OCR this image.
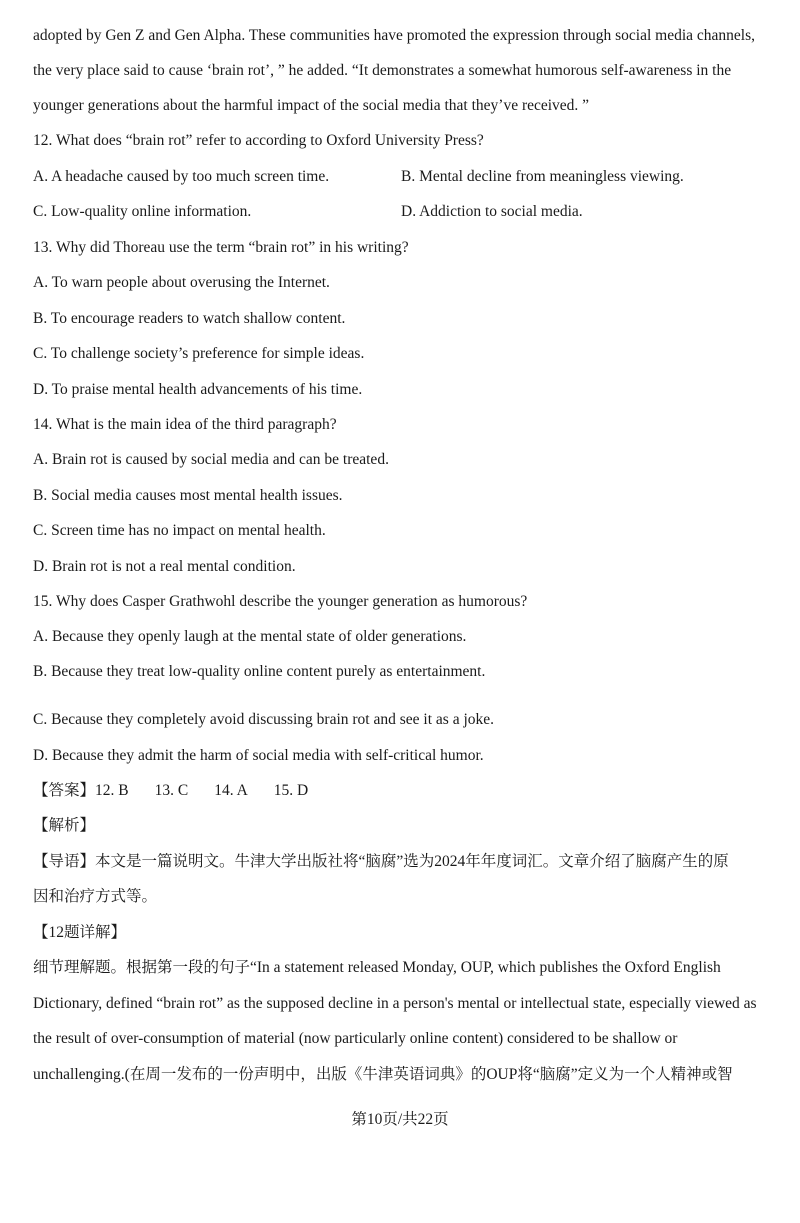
adopted by Gen Z and Gen Alpha. These communities have promoted the expression through social media channels,
the very place said to cause ‘brain rot’, ” he added. “It demonstrates a somewhat humorous self-awareness in the
younger generations about the harmful impact of the social media that they’ve received. ”
12. What does “brain rot” refer to according to Oxford University Press?
A. A headache caused by too much screen time.	B. Mental decline from meaningless viewing.
C. Low-quality online information.	D. Addiction to social media.
13. Why did Thoreau use the term “brain rot” in his writing?
A. To warn people about overusing the Internet.
B. To encourage readers to watch shallow content.
C. To challenge society’s preference for simple ideas.
D. To praise mental health advancements of his time.
14. What is the main idea of the third paragraph?
A. Brain rot is caused by social media and can be treated.
B. Social media causes most mental health issues.
C. Screen time has no impact on mental health.
D. Brain rot is not a real mental condition.
15. Why does Casper Grathwohl describe the younger generation as humorous?
A. Because they openly laugh at the mental state of older generations.
B. Because they treat low-quality online content purely as entertainment.
C. Because they completely avoid discussing brain rot and see it as a joke.
D. Because they admit the harm of social media with self-critical humor.
【答案】12. B 13. C 14. A 15. D
【解析】
【导语】本文是一篇说明文。牛津大学出版社将“脑腐”选为2024年年度词汇。文章介绍了脑腐产生的原
因和治疗方式等。
【12题详解】
细节理解题。根据第一段的句子“In a statement released Monday, OUP, which publishes the Oxford English
Dictionary, defined “brain rot” as the supposed decline in a person's mental or intellectual state, especially viewed as
the result of over-consumption of material (now particularly online content) considered to be shallow or
unchallenging.(在周一发布的一份声明中，出版《牛津英语词典》的OUP将“脑腐”定义为一个人精神或智
第10页/共22页
